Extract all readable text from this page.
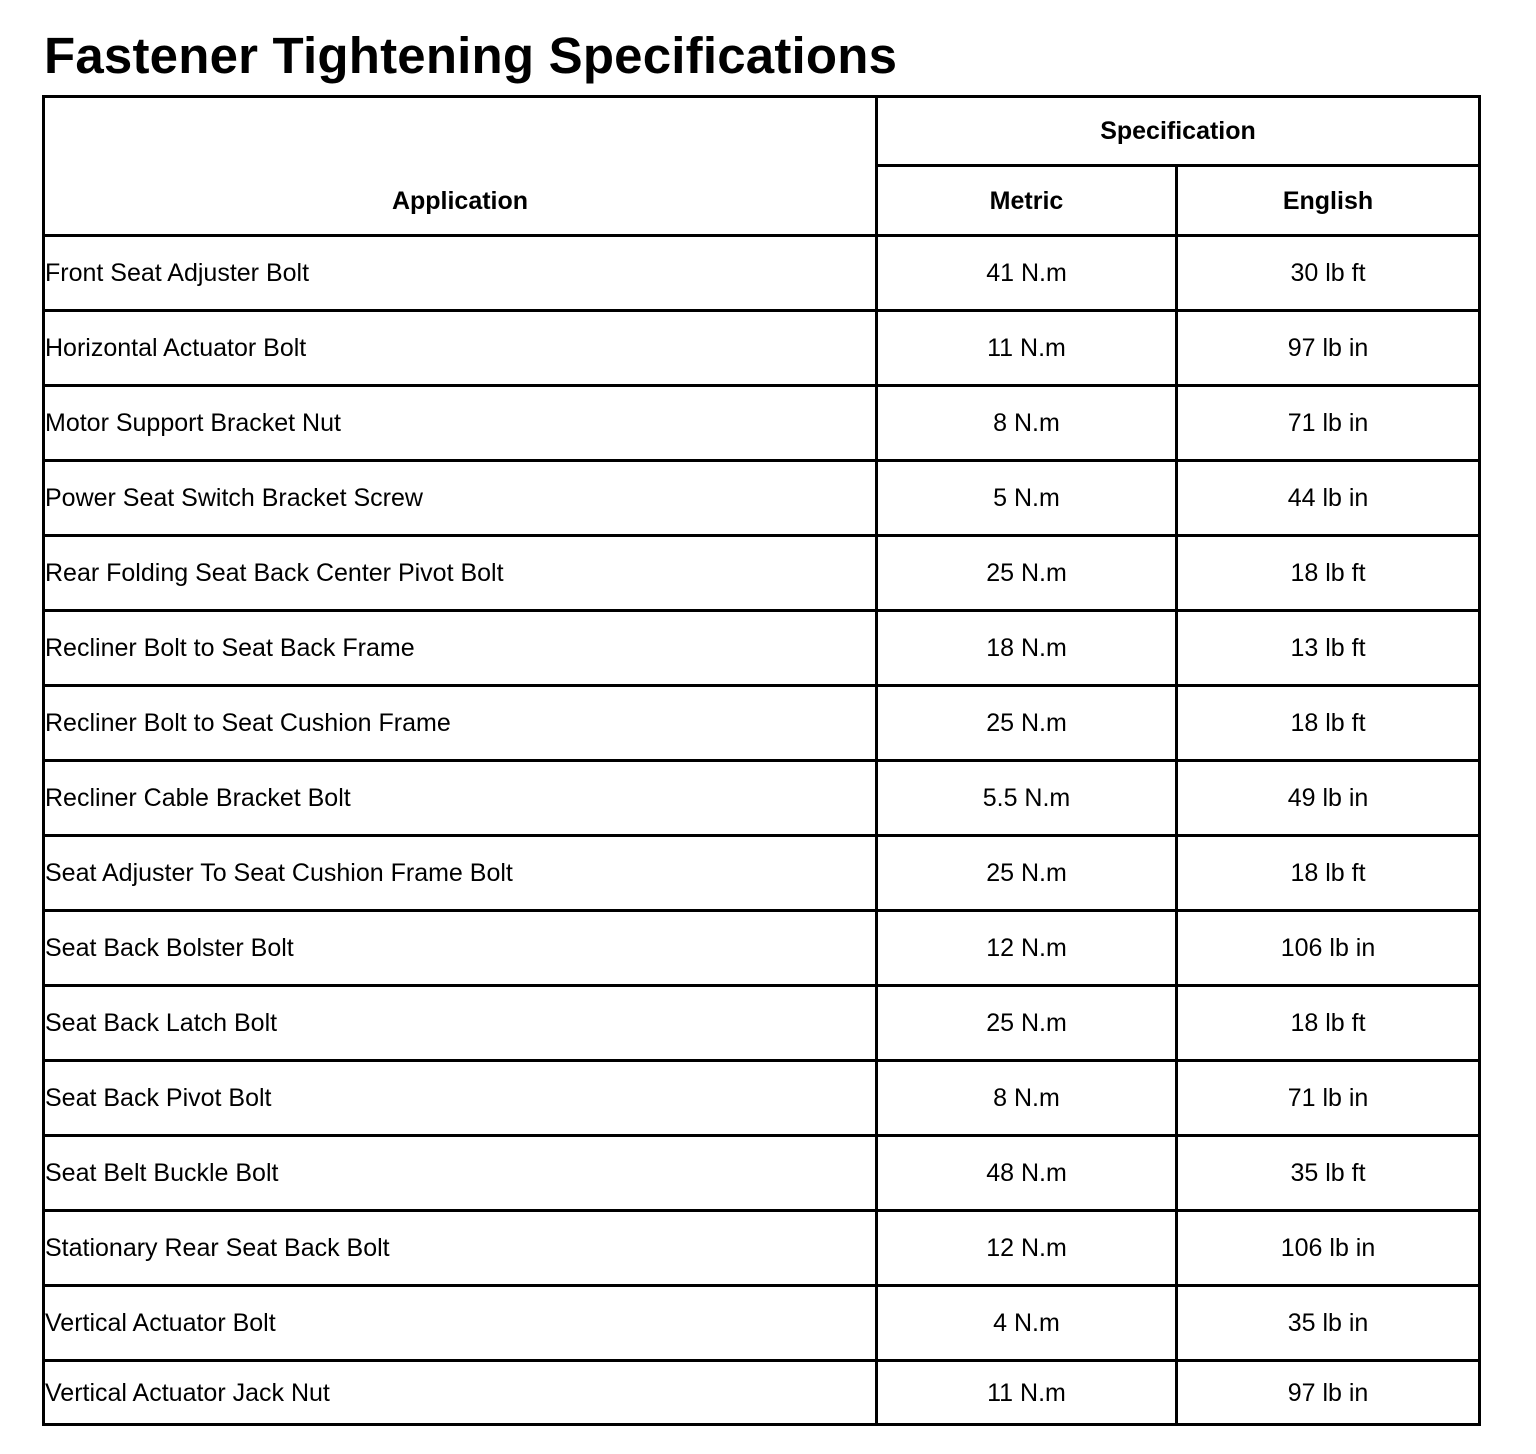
Fastener Tightening Specifications
Application	Specification	
	Metric	English
Front Seat Adjuster Bolt	41 N.m	30 lb ft
Horizontal Actuator Bolt	11 N.m	97 lb in
Motor Support Bracket Nut	8 N.m	71 lb in
Power Seat Switch Bracket Screw	5 N.m	44 lb in
Rear Folding Seat Back Center Pivot Bolt	25 N.m	18 lb ft
Recliner Bolt to Seat Back Frame	18 N.m	13 lb ft
Recliner Bolt to Seat Cushion Frame	25 N.m	18 lb ft
Recliner Cable Bracket Bolt	5.5 N.m	49 lb in
Seat Adjuster To Seat Cushion Frame Bolt	25 N.m	18 lb ft
Seat Back Bolster Bolt	12 N.m	106 lb in
Seat Back Latch Bolt	25 N.m	18 lb ft
Seat Back Pivot Bolt	8 N.m	71 lb in
Seat Belt Buckle Bolt	48 N.m	35 lb ft
Stationary Rear Seat Back Bolt	12 N.m	106 lb in
Vertical Actuator Bolt	4 N.m	35 lb in
Vertical Actuator Jack Nut	11 N.m	97 lb in
